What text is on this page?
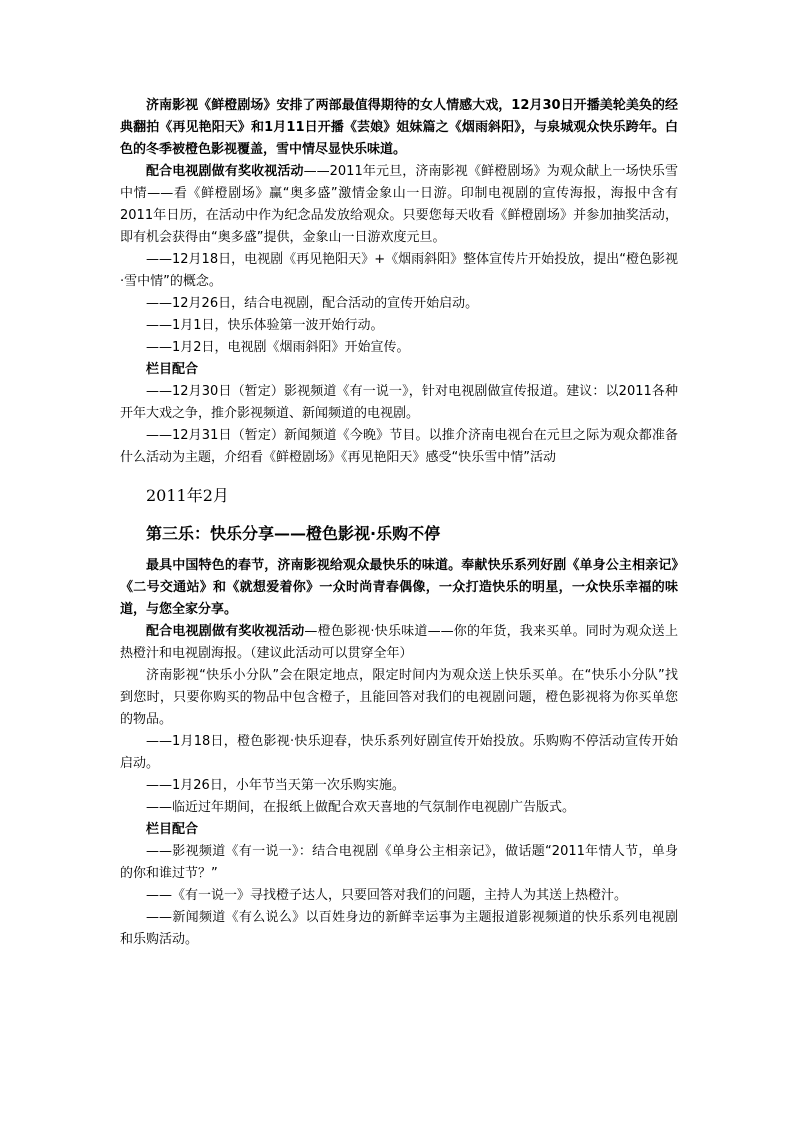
济南影视《鲜橙剧场》安排了两部最值得期待的女人情感大戏，12月30日开播美轮美奂的经典翻拍《再见艳阳天》和1月11日开播《芸娘》姐妹篇之《烟雨斜阳》，与泉城观众快乐跨年。白色的冬季被橙色影视覆盖，雪中情尽显快乐味道。

配合电视剧做有奖收视活动——2011年元旦，济南影视《鲜橙剧场》为观众献上一场快乐雪中情——看《鲜橙剧场》赢“奥多盛”激情金象山一日游。印制电视剧的宣传海报，海报中含有2011年日历，在活动中作为纪念品发放给观众。只要您每天收看《鲜橙剧场》并参加抽奖活动，即有机会获得由“奥多盛”提供，金象山一日游欢度元旦。

——12月18日，电视剧《再见艳阳天》+《烟雨斜阳》整体宣传片开始投放，提出“橙色影视·雪中情”的概念。

——12月26日，结合电视剧，配合活动的宣传开始启动。

——1月1日，快乐体验第一波开始行动。

——1月2日，电视剧《烟雨斜阳》开始宣传。

栏目配合

——12月30日（暂定）影视频道《有一说一》，针对电视剧做宣传报道。建议：以2011各种开年大戏之争，推介影视频道、新闻频道的电视剧。

——12月31日（暂定）新闻频道《今晚》节目。以推介济南电视台在元旦之际为观众都准备什么活动为主题，介绍看《鲜橙剧场》《再见艳阳天》感受“快乐雪中情”活动

2011年2月
第三乐：快乐分享——橙色影视·乐购不停

最具中国特色的春节，济南影视给观众最快乐的味道。奉献快乐系列好剧《单身公主相亲记》《二号交通站》和《就想爱着你》一众时尚青春偶像，一众打造快乐的明星，一众快乐幸福的味道，与您全家分享。

配合电视剧做有奖收视活动—橙色影视·快乐味道——你的年货，我来买单。同时为观众送上热橙汁和电视剧海报。（建议此活动可以贯穿全年）

济南影视“快乐小分队”会在限定地点，限定时间内为观众送上快乐买单。在“快乐小分队”找到您时，只要你购买的物品中包含橙子，且能回答对我们的电视剧问题，橙色影视将为你买单您的物品。

——1月18日，橙色影视·快乐迎春，快乐系列好剧宣传开始投放。乐购购不停活动宣传开始启动。

——1月26日，小年节当天第一次乐购实施。

——临近过年期间，在报纸上做配合欢天喜地的气氛制作电视剧广告版式。

栏目配合

——影视频道《有一说一》：结合电视剧《单身公主相亲记》，做话题“2011年情人节，单身的你和谁过节？”

——《有一说一》寻找橙子达人，只要回答对我们的问题，主持人为其送上热橙汁。

——新闻频道《有么说么》以百姓身边的新鲜幸运事为主题报道影视频道的快乐系列电视剧和乐购活动。
